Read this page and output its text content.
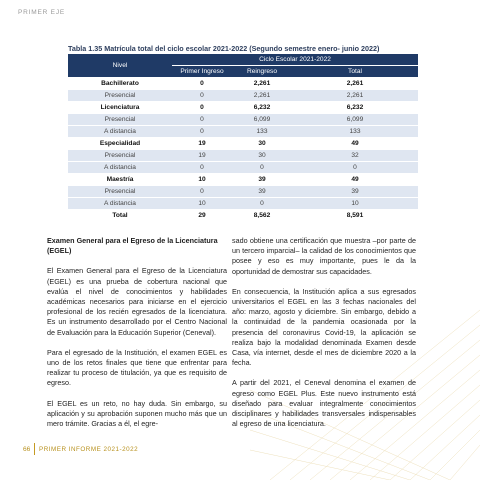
PRIMER EJE
Tabla 1.35 Matrícula total del ciclo escolar 2021-2022 (Segundo semestre enero- junio 2022)
Nivel	Ciclo Escolar 2021-2022		
	Primer Ingreso	Reingreso	Total
Bachillerato	0	2,261	2,261
Presencial	0	2,261	2,261
Licenciatura	0	6,232	6,232
Presencial	0	6,099	6,099
A distancia	0	133	133
Especialidad	19	30	49
Presencial	19	30	32
A distancia	0	0	0
Maestría	10	39	49
Presencial	0	39	39
A distancia	10	0	10
Total	29	8,562	8,591
Examen General para el Egreso de la Licenciatura (EGEL)

El Examen General para el Egreso de la Licenciatura (EGEL) es una prueba de cobertura nacional que evalúa el nivel de conocimientos y habilidades académicas necesarios para iniciarse en el ejercicio profesional de los recién egresados de la licenciatura. Es un instrumento desarrollado por el Centro Nacional de Evaluación para la Educación Superior (Ceneval).

Para el egresado de la Institución, el examen EGEL es uno de los retos finales que tiene que enfrentar para realizar tu proceso de titulación, ya que es requisito de egreso.

El EGEL es un reto, no hay duda. Sin embargo, su aplicación y su aprobación suponen mucho más que un mero trámite. Gracias a él, el egre-

sado obtiene una certificación que muestra –por parte de un tercero imparcial– la calidad de los conocimientos que posee y eso es muy importante, pues le da la oportunidad de demostrar sus capacidades.

En consecuencia, la Institución aplica a sus egresados universitarios el EGEL en las 3 fechas nacionales del año: marzo, agosto y diciembre. Sin embargo, debido a la continuidad de la pandemia ocasionada por la presencia del coronavirus Covid-19, la aplicación se realiza bajo la modalidad denominada Examen desde Casa, vía internet, desde el mes de diciembre 2020 a la fecha.

A partir del 2021, el Ceneval denomina el examen de egreso como EGEL Plus. Este nuevo instrumento está diseñado para evaluar integralmente conocimientos disciplinares y habilidades transversales indispensables al egreso de una licenciatura.

66 PRIMER INFORME 2021-2022
